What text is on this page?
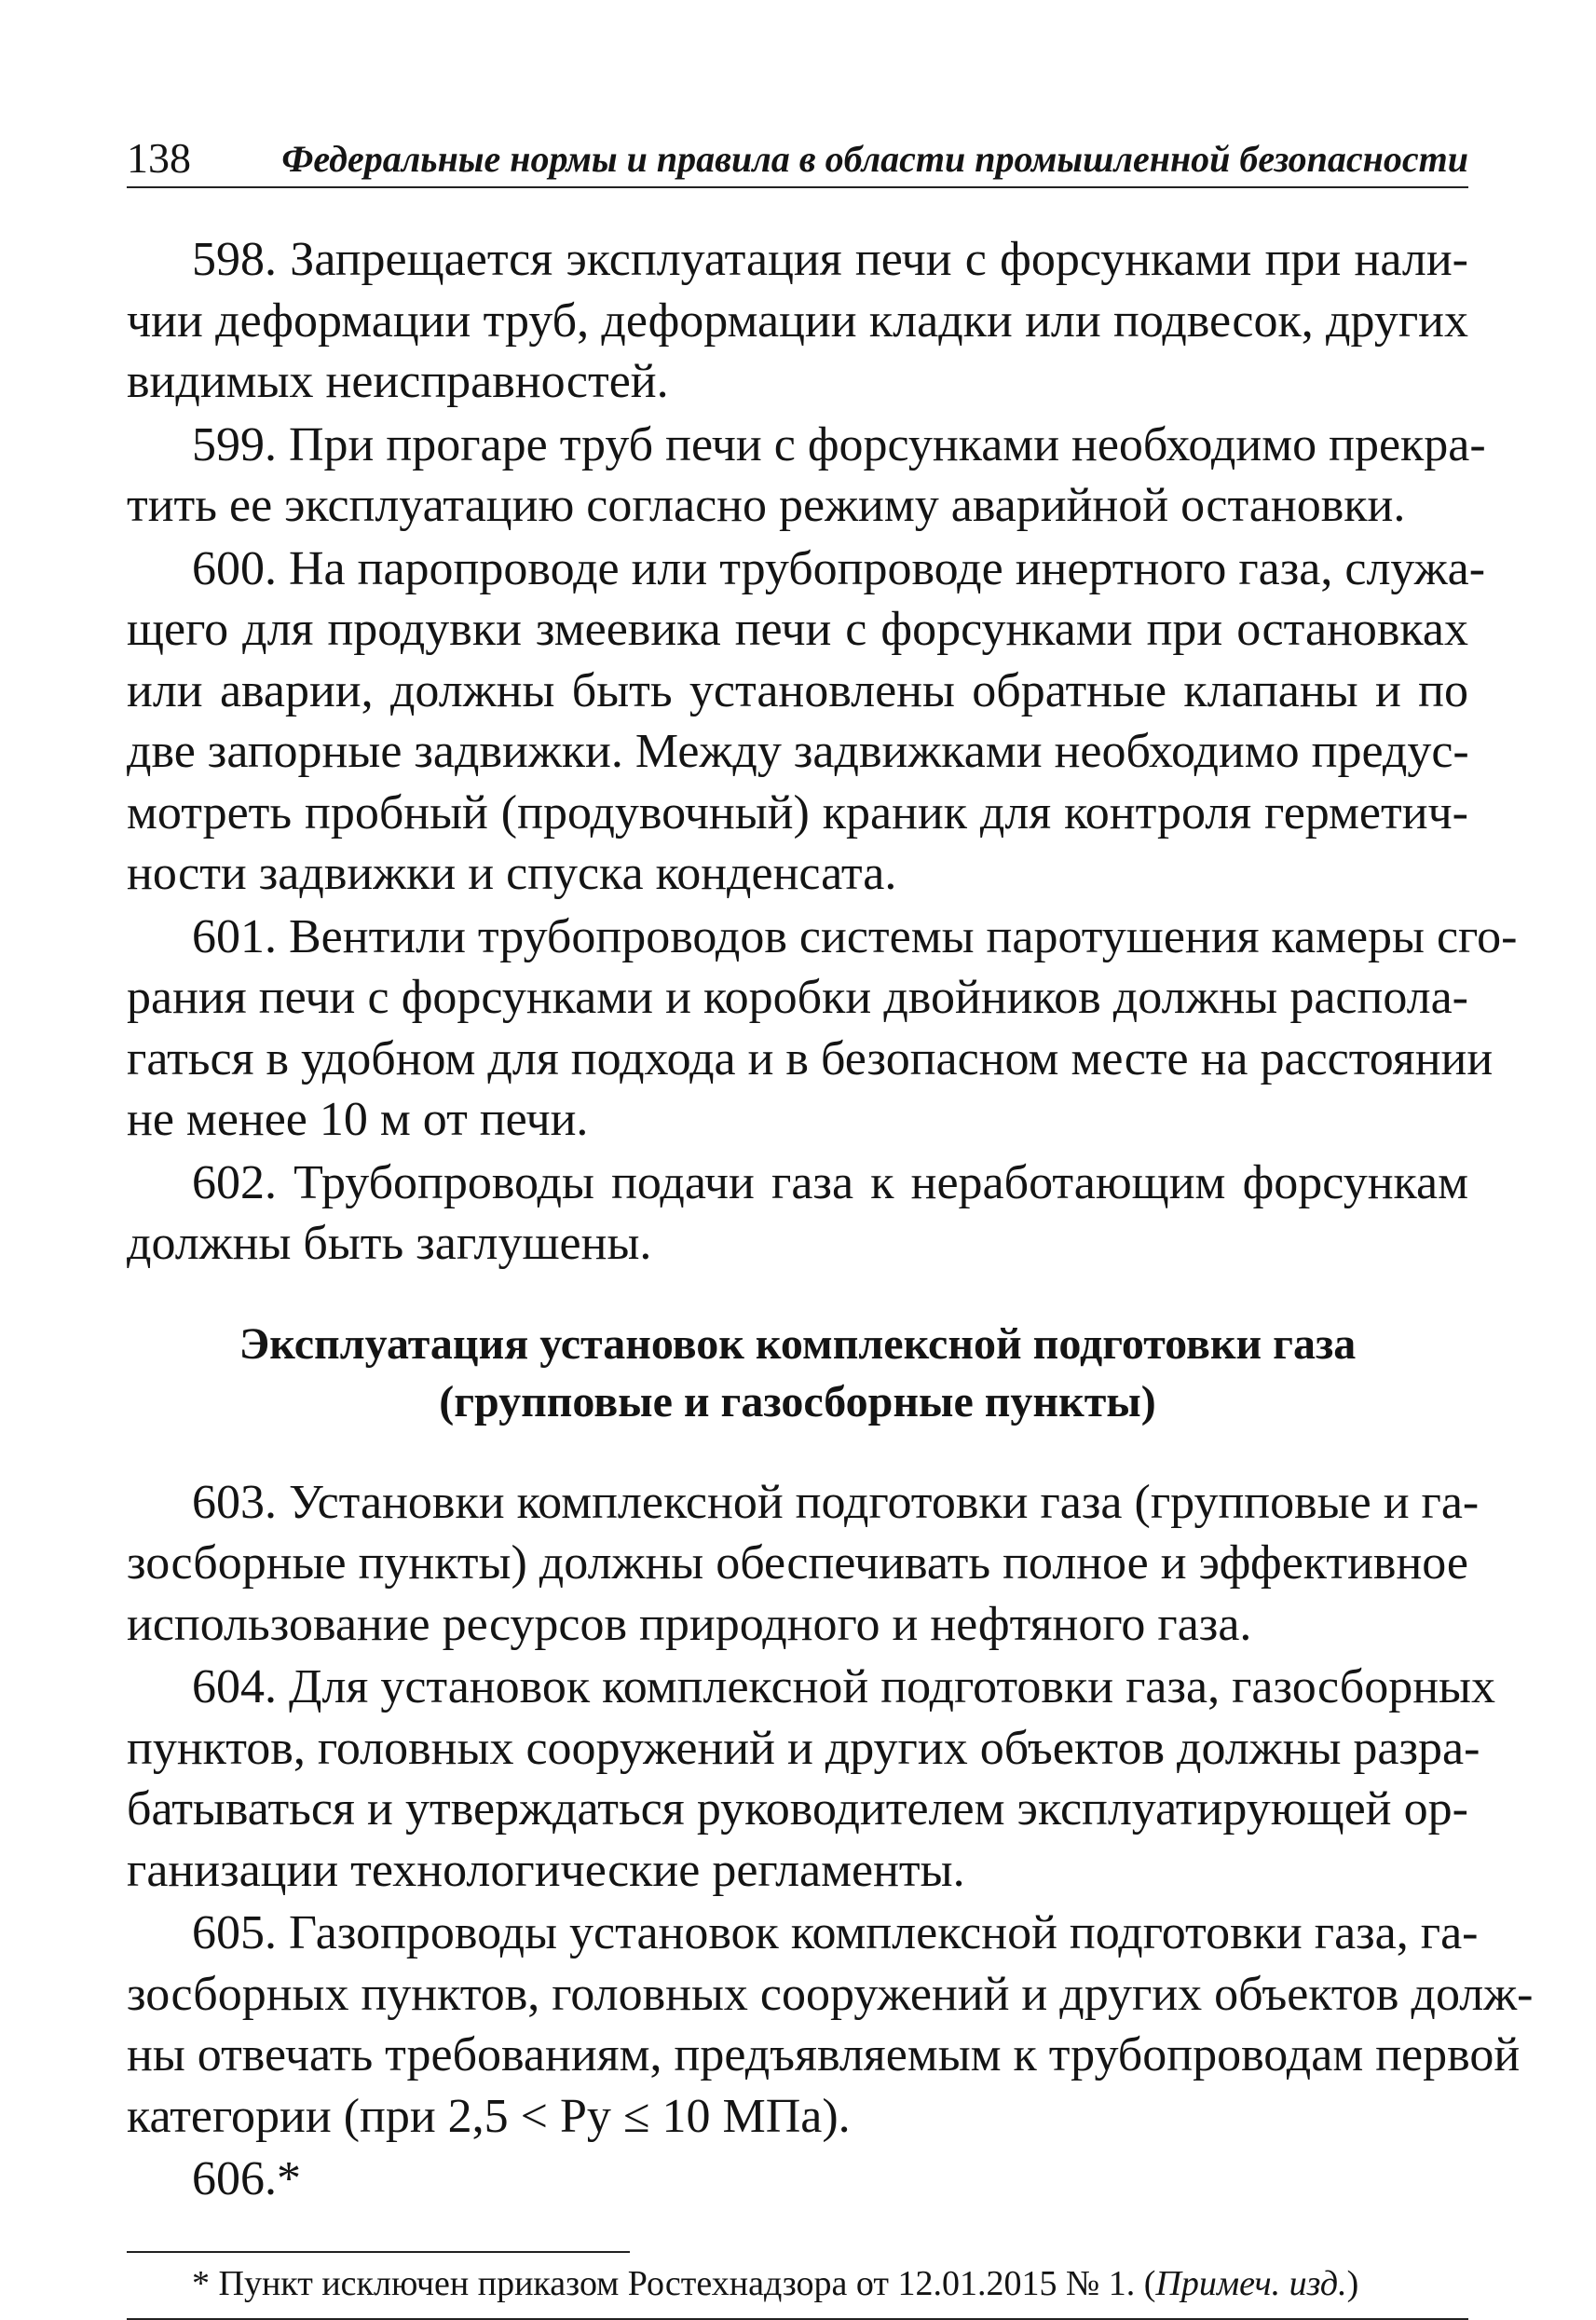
138 Федеральные нормы и правила в области промышленной безопасности
598. Запрещается эксплуатация печи с форсунками при нали-
чии деформации труб, деформации кладки или подвесок, других
видимых неисправностей.
599. При прогаре труб печи с форсунками необходимо прекра-
тить ее эксплуатацию согласно режиму аварийной остановки.
600. На паропроводе или трубопроводе инертного газа, служа-
щего для продувки змеевика печи с форсунками при остановках
или аварии, должны быть установлены обратные клапаны и по
две запорные задвижки. Между задвижками необходимо предус-
мотреть пробный (продувочный) краник для контроля герметич-
ности задвижки и спуска конденсата.
601. Вентили трубопроводов системы паротушения камеры сго-
рания печи с форсунками и коробки двойников должны распола-
гаться в удобном для подхода и в безопасном месте на расстоянии
не менее 10 м от печи.
602. Трубопроводы подачи газа к неработающим форсункам
должны быть заглушены.
Эксплуатация установок комплексной подготовки газа
(групповые и газосборные пункты)
603. Установки комплексной подготовки газа (групповые и га-
зосборные пункты) должны обеспечивать полное и эффективное
использование ресурсов природного и нефтяного газа.
604. Для установок комплексной подготовки газа, газосборных
пунктов, головных сооружений и других объектов должны разра-
батываться и утверждаться руководителем эксплуатирующей ор-
ганизации технологические регламенты.
605. Газопроводы установок комплексной подготовки газа, га-
зосборных пунктов, головных сооружений и других объектов долж-
ны отвечать требованиям, предъявляемым к трубопроводам первой
категории (при 2,5 < Ру ≤ 10 МПа).
606.*
* Пункт исключен приказом Ростехнадзора от 12.01.2015 № 1. (Примеч. изд.)
